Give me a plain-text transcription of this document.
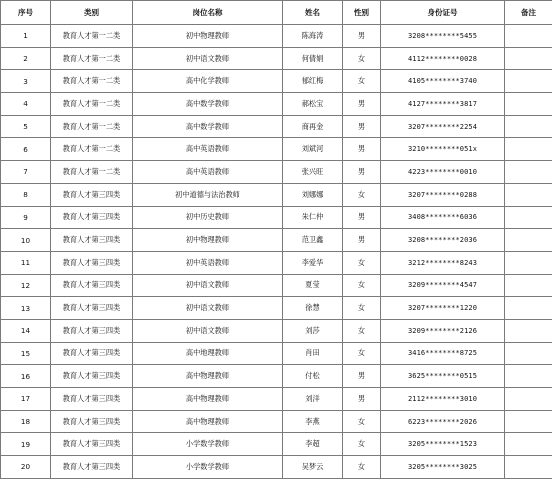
序号	类别	岗位名称	姓名	性别	身份证号	备注
1	教育人才第一二类	初中物理教师	陈海涛	男	3208********5455	
2	教育人才第一二类	初中语文教师	何倩娟	女	4112********0028	
3	教育人才第一二类	高中化学教师	郁红梅	女	4105********3740	
4	教育人才第一二类	高中数学教师	郝松宝	男	4127********3817	
5	教育人才第一二类	高中数学教师	商再金	男	3207********2254	
6	教育人才第一二类	高中英语教师	刘斌河	男	3210********051x	
7	教育人才第一二类	高中英语教师	张兴旺	男	4223********0010	
8	教育人才第三四类	初中道德与法治教师	刘娜娜	女	3207********0288	
9	教育人才第三四类	初中历史教师	朱仁仲	男	3408********6036	
10	教育人才第三四类	初中物理教师	范卫鑫	男	3208********2036	
11	教育人才第三四类	初中英语教师	李爱华	女	3212********8243	
12	教育人才第三四类	初中语文教师	夏莹	女	3209********4547	
13	教育人才第三四类	初中语文教师	徐慧	女	3207********1220	
14	教育人才第三四类	初中语文教师	刘莎	女	3209********2126	
15	教育人才第三四类	高中地理教师	肖田	女	3416********8725	
16	教育人才第三四类	高中物理教师	付松	男	3625********0515	
17	教育人才第三四类	高中物理教师	刘洋	男	2112********3010	
18	教育人才第三四类	高中物理教师	李燕	女	6223********2026	
19	教育人才第三四类	小学数学教师	李超	女	3205********1523	
20	教育人才第三四类	小学数学教师	吴梦云	女	3205********3025	
